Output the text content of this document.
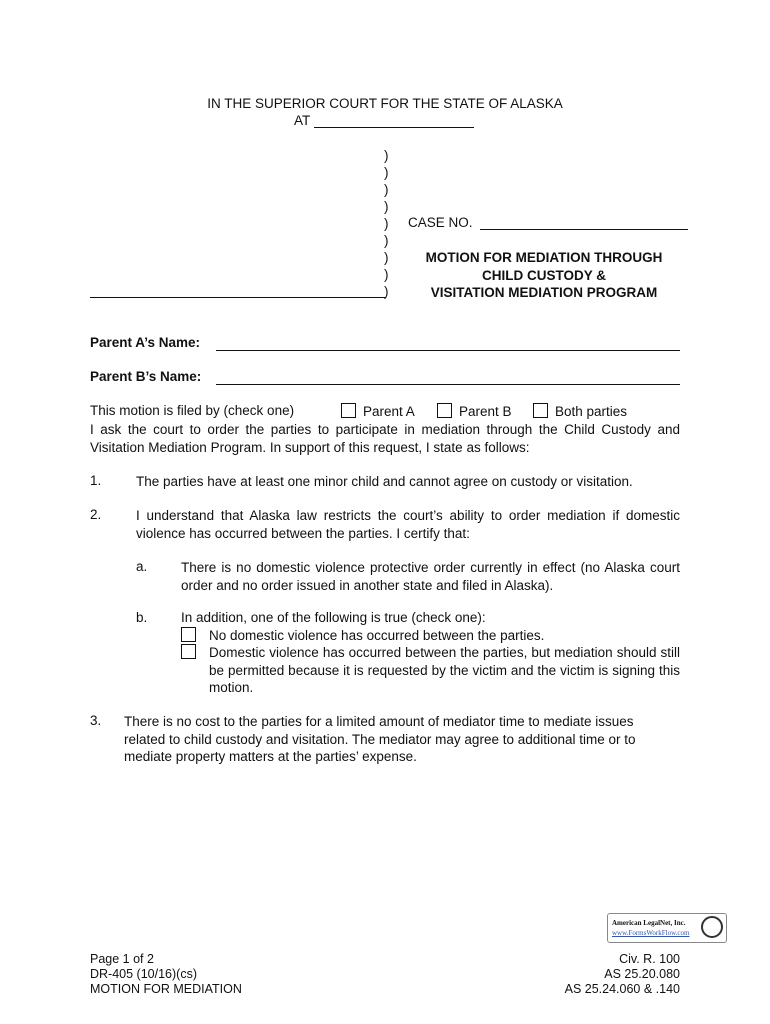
IN THE SUPERIOR COURT FOR THE STATE OF ALASKA
AT
)
)
)
)
)
)
)
)
)
CASE NO.
MOTION FOR MEDIATION THROUGH
CHILD CUSTODY &
VISITATION MEDIATION PROGRAM
Parent A’s Name:
Parent B’s Name:
This motion is filed by (check one)	Parent A	Parent B	Both parties
I ask the court to order the parties to participate in mediation through the Child Custody and Visitation Mediation Program. In support of this request, I state as follows:
1.	The parties have at least one minor child and cannot agree on custody or visitation.
2.	I understand that Alaska law restricts the court’s ability to order mediation if domestic violence has occurred between the parties. I certify that:
a. There is no domestic violence protective order currently in effect (no Alaska court order and no order issued in another state and filed in Alaska).
b. In addition, one of the following is true (check one):
No domestic violence has occurred between the parties.
Domestic violence has occurred between the parties, but mediation should still be permitted because it is requested by the victim and the victim is signing this motion.
3. There is no cost to the parties for a limited amount of mediator time to mediate issues related to child custody and visitation. The mediator may agree to additional time or to mediate property matters at the parties’ expense.
American LegalNet, Inc.
www.FormsWorkFlow.com
Page 1 of 2
DR-405 (10/16)(cs)
MOTION FOR MEDIATION
Civ. R. 100
AS 25.20.080
AS 25.24.060 & .140
